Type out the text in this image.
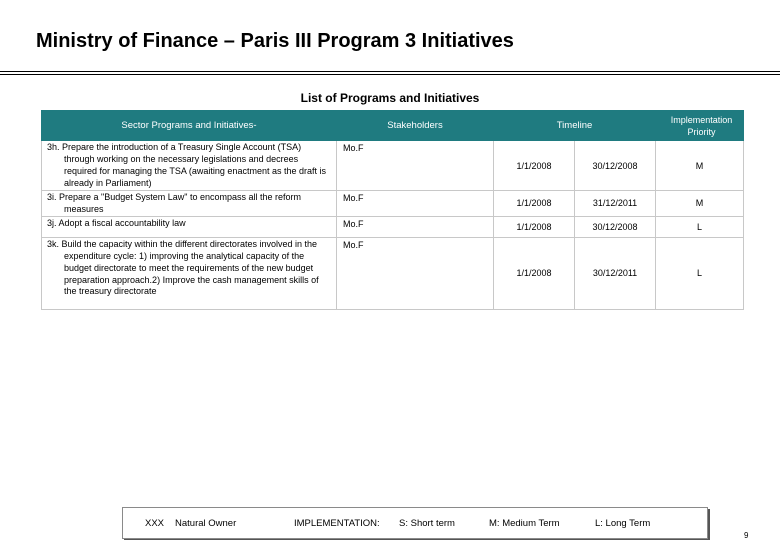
Ministry of Finance – Paris III Program 3 Initiatives
List of Programs and Initiatives
Sector Programs and Initiatives-	Stakeholders	Timeline		Implementation Priority

3h. Prepare the introduction of a Treasury Single Account (TSA) through working on the necessary legislations and decrees required for managing the TSA (awaiting enactment as the draft is already in Parliament)	Mo.F	1/1/2008	30/12/2008	M

3i. Prepare a "Budget System Law" to encompass all the reform measures	Mo.F	1/1/2008	31/12/2011	M

3j. Adopt a fiscal accountability law	Mo.F	1/1/2008	30/12/2008	L

3k. Build the capacity within the different directorates involved in the expenditure cycle: 1) improving the analytical capacity of the budget directorate to meet the requirements of the new budget preparation approach.2) Improve the cash management skills of the treasury directorate	Mo.F	1/1/2008	30/12/2011	L
XXX Natural Owner	IMPLEMENTATION: S: Short term	M: Medium Term	L: Long Term
9
